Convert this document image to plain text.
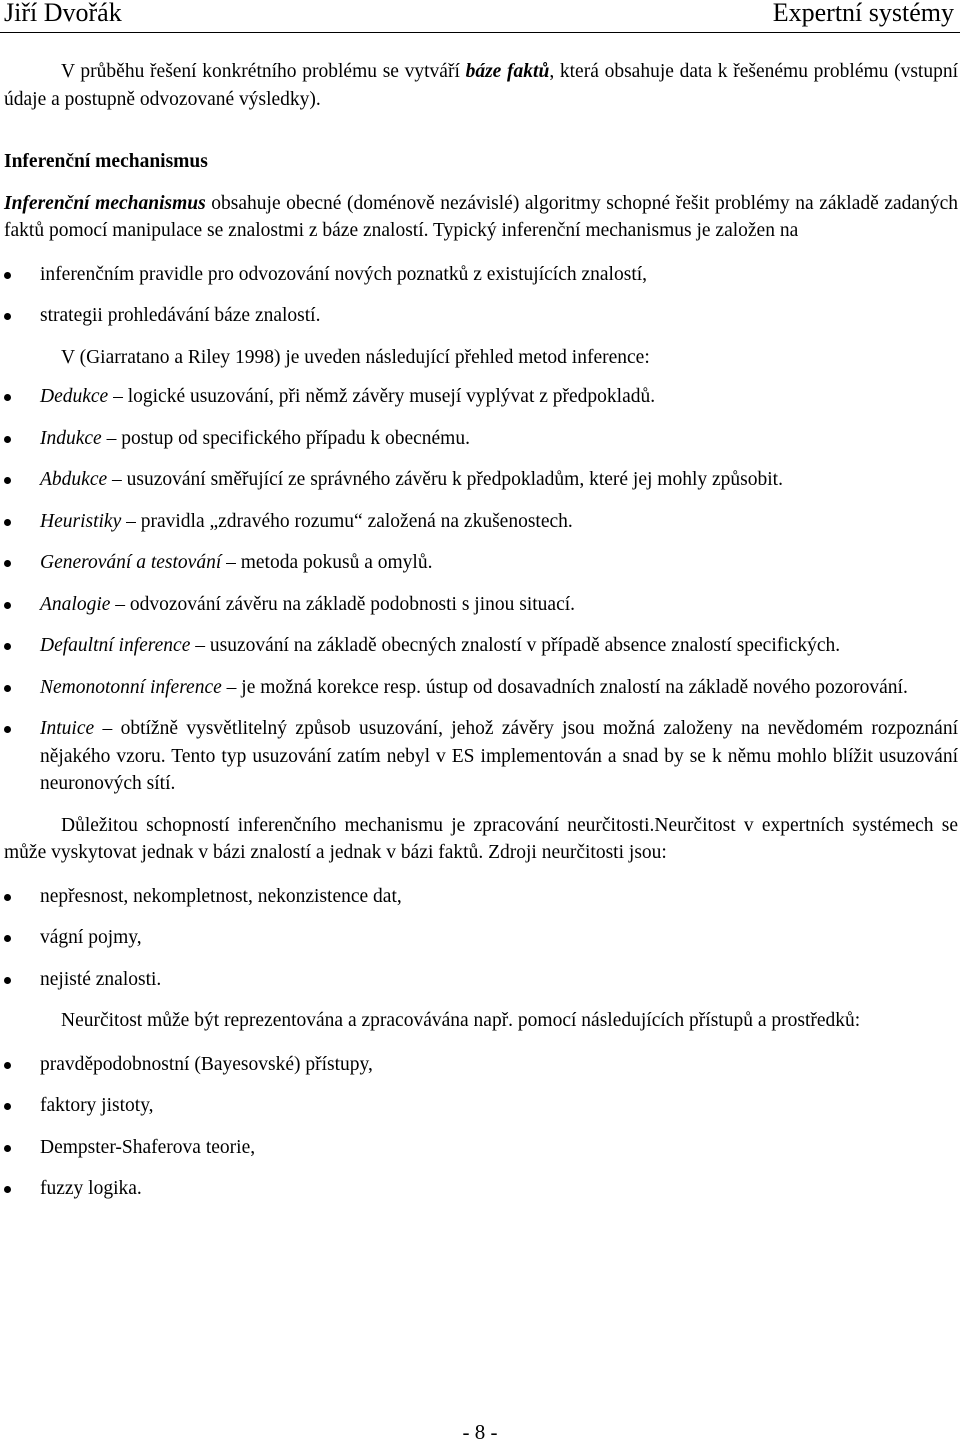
Jiří Dvořák	Expertní systémy

V průběhu řešení konkrétního problému se vytváří báze faktů, která obsahuje data k řešenému problému (vstupní údaje a postupně odvozované výsledky).

Inferenční mechanismus

Inferenční mechanismus obsahuje obecné (doménově nezávislé) algoritmy schopné řešit problémy na základě zadaných faktů pomocí manipulace se znalostmi z báze znalostí. Typický inferenční mechanismus je založen na

inferenčním pravidle pro odvozování nových poznatků z existujících znalostí,
strategii prohledávání báze znalostí.

V (Giarratano a Riley 1998) je uveden následující přehled metod inference:

Dedukce – logické usuzování, při němž závěry musejí vyplývat z předpokladů.
Indukce – postup od specifického případu k obecnému.
Abdukce – usuzování směřující ze správného závěru k předpokladům, které jej mohly způsobit.
Heuristiky – pravidla „zdravého rozumu“ založená na zkušenostech.
Generování a testování – metoda pokusů a omylů.
Analogie – odvozování závěru na základě podobnosti s jinou situací.
Defaultní inference – usuzování na základě obecných znalostí v případě absence znalostí specifických.
Nemonotonní inference – je možná korekce resp. ústup od dosavadních znalostí na základě nového pozorování.
Intuice – obtížně vysvětlitelný způsob usuzování, jehož závěry jsou možná založeny na nevědomém rozpoznání nějakého vzoru. Tento typ usuzování zatím nebyl v ES implementován a snad by se k němu mohlo blížit usuzování neuronových sítí.

Důležitou schopností inferenčního mechanismu je zpracování neurčitosti.Neurčitost v expertních systémech se může vyskytovat jednak v bázi znalostí a jednak v bázi faktů. Zdroji neurčitosti jsou:

nepřesnost, nekompletnost, nekonzistence dat,
vágní pojmy,
nejisté znalosti.

Neurčitost může být reprezentována a zpracovávána např. pomocí následujících přístupů a prostředků:

pravděpodobnostní (Bayesovské) přístupy,
faktory jistoty,
Dempster-Shaferova teorie,
fuzzy logika.
- 8 -
